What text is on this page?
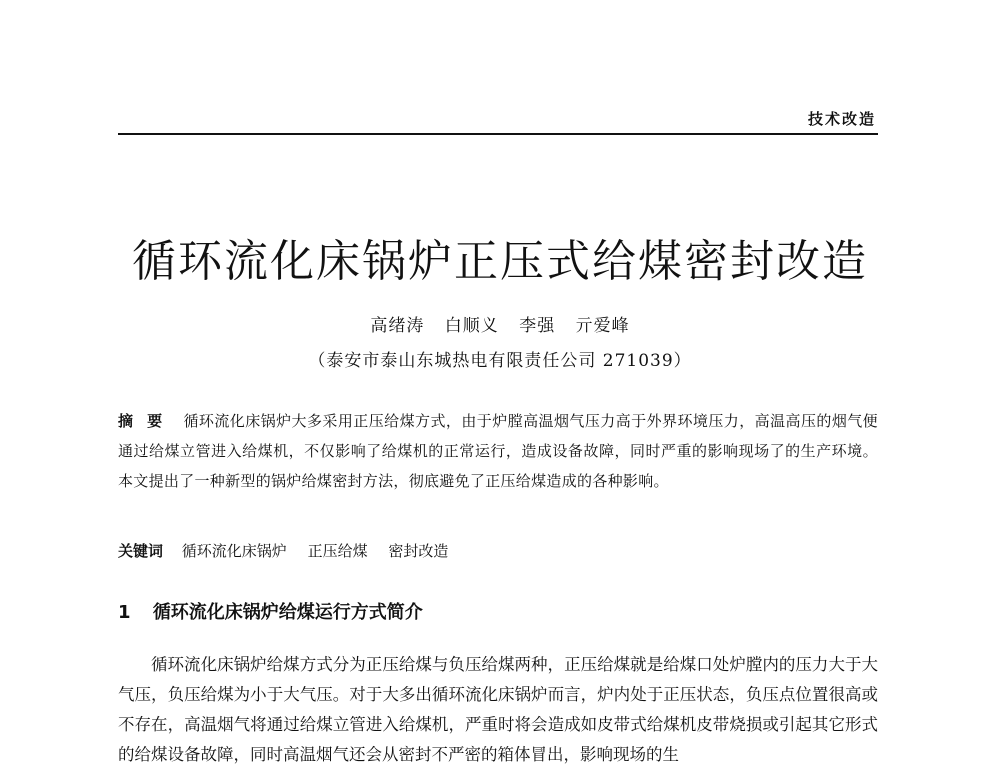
技术改造
循环流化床锅炉正压式给煤密封改造
高绪涛 白顺义 李强 亓爱峰
（泰安市泰山东城热电有限责任公司 271039）
摘要 循环流化床锅炉大多采用正压给煤方式，由于炉膛高温烟气压力高于外界环境压力，高温高压的烟气便通过给煤立管进入给煤机，不仅影响了给煤机的正常运行，造成设备故障，同时严重的影响现场了的生产环境。本文提出了一种新型的锅炉给煤密封方法，彻底避免了正压给煤造成的各种影响。
关键词 循环流化床锅炉 正压给煤 密封改造
1 循环流化床锅炉给煤运行方式简介

循环流化床锅炉给煤方式分为正压给煤与负压给煤两种，正压给煤就是给煤口处炉膛内的压力大于大气压，负压给煤为小于大气压。对于大多出循环流化床锅炉而言，炉内处于正压状态，负压点位置很高或不存在，高温烟气将通过给煤立管进入给煤机，严重时将会造成如皮带式给煤机皮带烧损或引起其它形式的给煤设备故障，同时高温烟气还会从密封不严密的箱体冒出，影响现场的生
